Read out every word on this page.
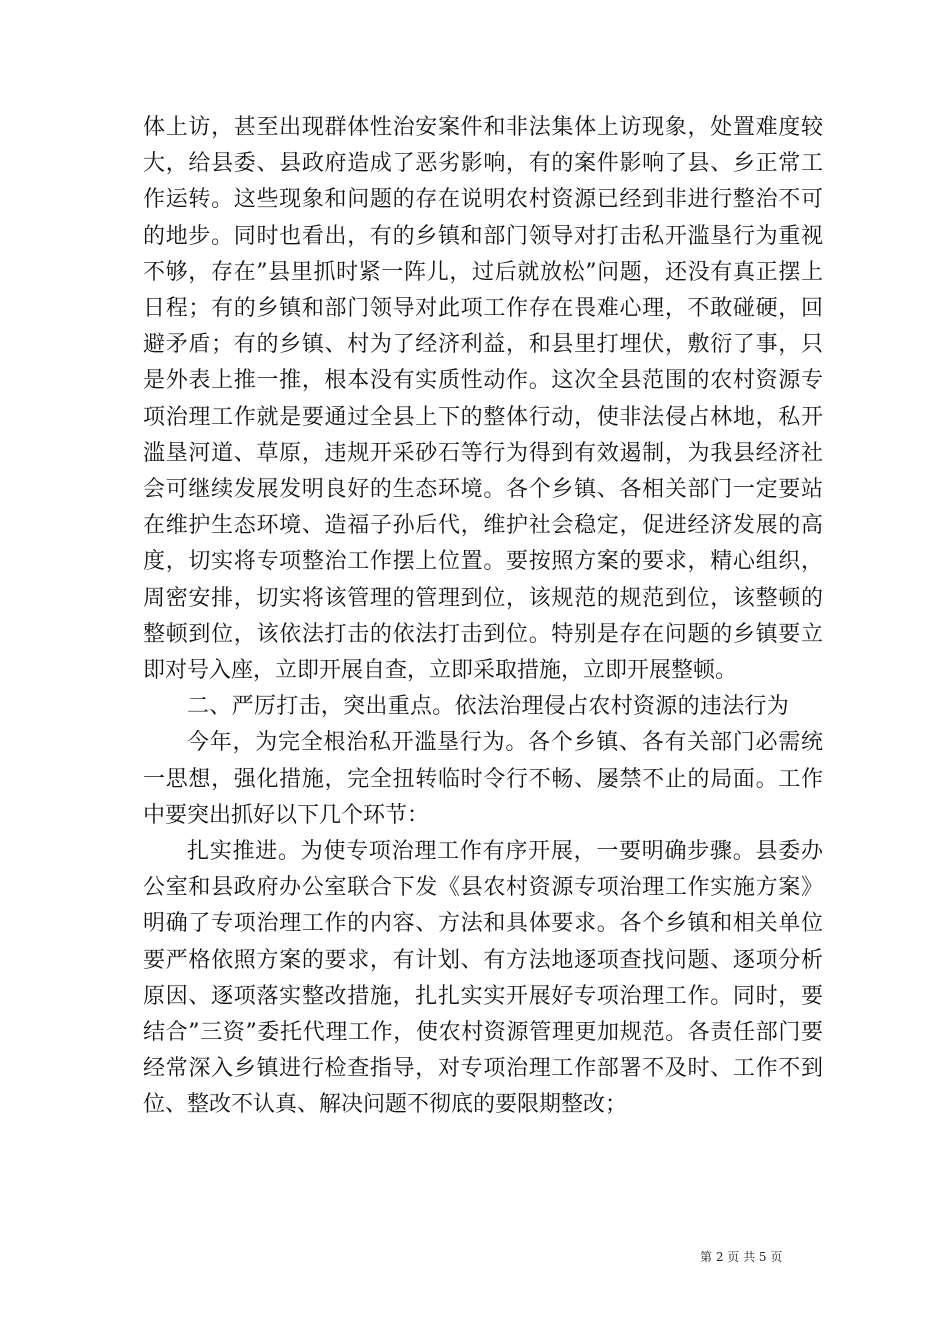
体上访，甚至出现群体性治安案件和非法集体上访现象，处置难度较大，给县委、县政府造成了恶劣影响，有的案件影响了县、乡正常工作运转。这些现象和问题的存在说明农村资源已经到非进行整治不可的地步。同时也看出，有的乡镇和部门领导对打击私开滥垦行为重视不够，存在”县里抓时紧一阵儿，过后就放松”问题，还没有真正摆上日程；有的乡镇和部门领导对此项工作存在畏难心理，不敢碰硬，回避矛盾；有的乡镇、村为了经济利益，和县里打埋伏，敷衍了事，只是外表上推一推，根本没有实质性动作。这次全县范围的农村资源专项治理工作就是要通过全县上下的整体行动，使非法侵占林地，私开滥垦河道、草原，违规开采砂石等行为得到有效遏制，为我县经济社会可继续发展发明良好的生态环境。各个乡镇、各相关部门一定要站在维护生态环境、造福子孙后代，维护社会稳定，促进经济发展的高度，切实将专项整治工作摆上位置。要按照方案的要求，精心组织，周密安排，切实将该管理的管理到位，该规范的规范到位，该整顿的整顿到位，该依法打击的依法打击到位。特别是存在问题的乡镇要立即对号入座，立即开展自查，立即采取措施，立即开展整顿。

二、严厉打击，突出重点。依法治理侵占农村资源的违法行为

今年，为完全根治私开滥垦行为。各个乡镇、各有关部门必需统一思想，强化措施，完全扭转临时令行不畅、屡禁不止的局面。工作中要突出抓好以下几个环节：

扎实推进。为使专项治理工作有序开展，一要明确步骤。县委办公室和县政府办公室联合下发《县农村资源专项治理工作实施方案》明确了专项治理工作的内容、方法和具体要求。各个乡镇和相关单位要严格依照方案的要求，有计划、有方法地逐项查找问题、逐项分析原因、逐项落实整改措施，扎扎实实开展好专项治理工作。同时，要结合”三资”委托代理工作，使农村资源管理更加规范。各责任部门要经常深入乡镇进行检查指导，对专项治理工作部署不及时、工作不到位、整改不认真、解决问题不彻底的要限期整改；

第 2 页 共 5 页
